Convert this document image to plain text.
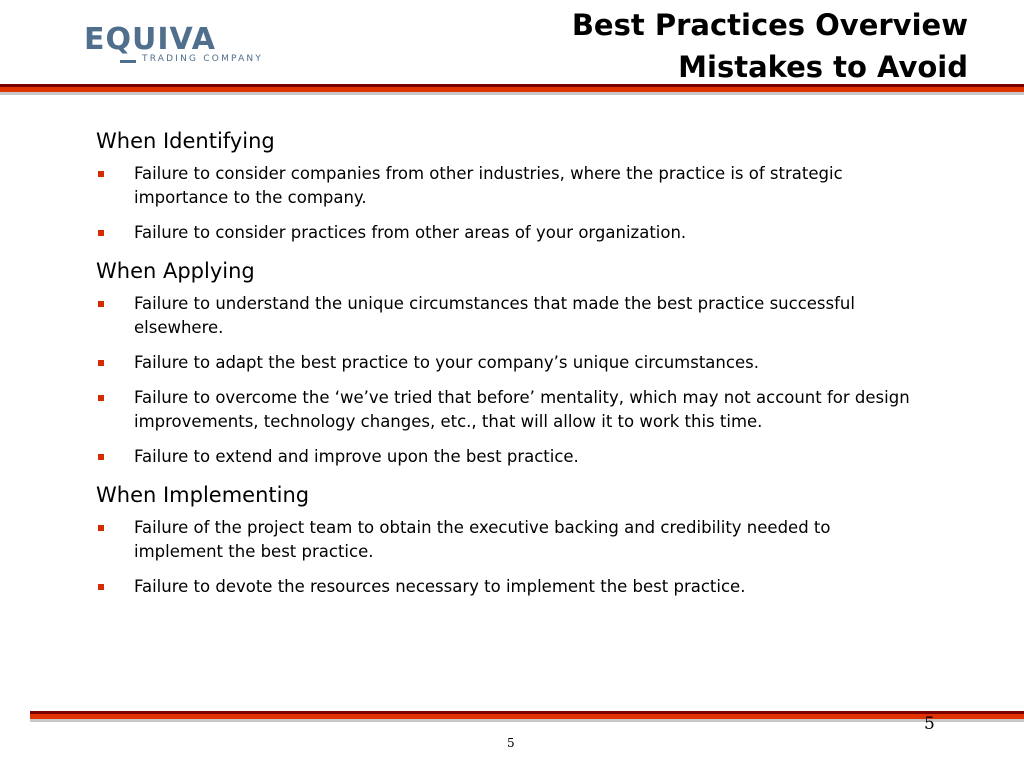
EQUIVA
TRADING COMPANY
Best Practices Overview
Mistakes to Avoid
When Identifying
Failure to consider companies from other industries, where the practice is of strategic importance to the company.
Failure to consider practices from other areas of your organization.
When Applying
Failure to understand the unique circumstances that made the best practice successful elsewhere.
Failure to adapt the best practice to your company’s unique circumstances.
Failure to overcome the ‘we’ve tried that before’ mentality, which may not account for design improvements, technology changes, etc., that will allow it to work this time.
Failure to extend and improve upon the best practice.
When Implementing
Failure of the project team to obtain the executive backing and credibility needed to implement the best practice.
Failure to devote the resources necessary to implement the best practice.
5
5
